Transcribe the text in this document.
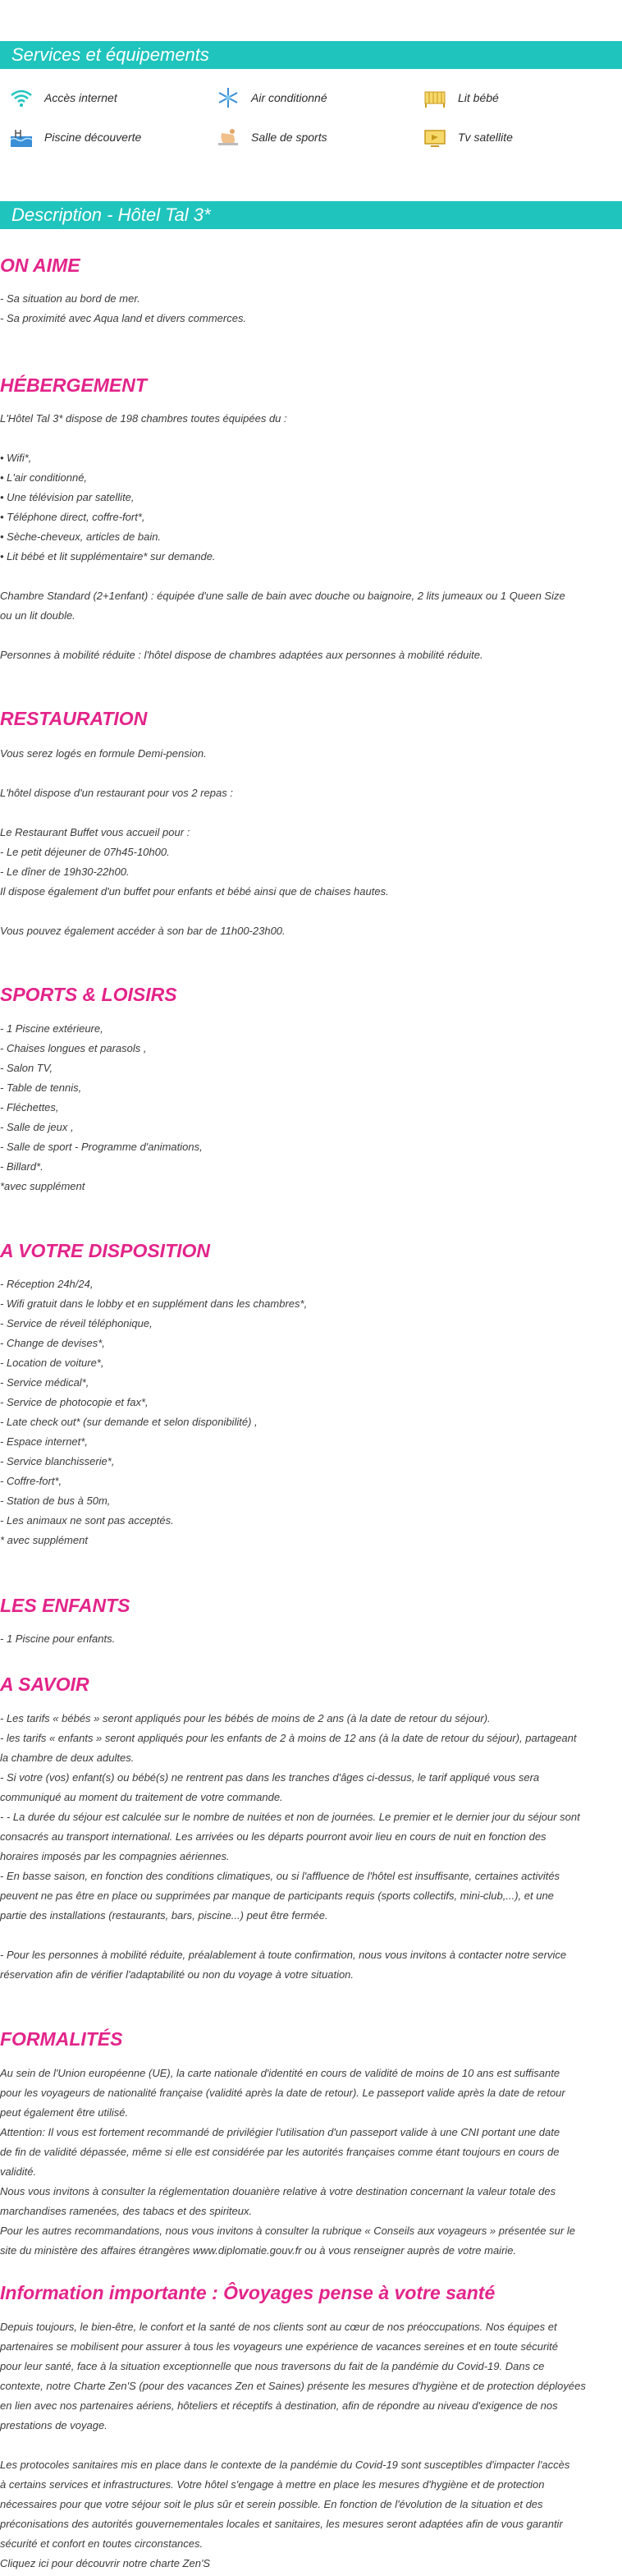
Services et équipements
Accès internet	Air conditionné	Lit bébé
Piscine découverte	Salle de sports	Tv satellite
Description - Hôtel Tal 3*
ON AIME

- Sa situation au bord de mer.

- Sa proximité avec Aqua land et divers commerces.

HÉBERGEMENT

L'Hôtel Tal 3* dispose de 198 chambres toutes équipées du :

• Wifi*,

• L'air conditionné,

• Une télévision par satellite,

• Téléphone direct, coffre-fort*,

• Sèche-cheveux, articles de bain.

• Lit bébé et lit supplémentaire* sur demande.

Chambre Standard (2+1enfant) : équipée d'une salle de bain avec douche ou baignoire, 2 lits jumeaux ou 1 Queen Size

ou un lit double.

Personnes à mobilité réduite : l'hôtel dispose de chambres adaptées aux personnes à mobilité réduite.

RESTAURATION

Vous serez logés en formule Demi-pension.

L'hôtel dispose d'un restaurant pour vos 2 repas :

Le Restaurant Buffet vous accueil pour :

- Le petit déjeuner de 07h45-10h00.

- Le dîner de 19h30-22h00.

Il dispose également d'un buffet pour enfants et bébé ainsi que de chaises hautes.

Vous pouvez également accéder à son bar de 11h00-23h00.

SPORTS & LOISIRS

- 1 Piscine extérieure,

- Chaises longues et parasols ,

- Salon TV,

- Table de tennis,

- Fléchettes,

- Salle de jeux ,

- Salle de sport - Programme d'animations,

- Billard*.

*avec supplément

A VOTRE DISPOSITION

- Réception 24h/24,

- Wifi gratuit dans le lobby et en supplément dans les chambres*,

- Service de réveil téléphonique,

- Change de devises*,

- Location de voiture*,

- Service médical*,

- Service de photocopie et fax*,

- Late check out* (sur demande et selon disponibilité) ,

- Espace internet*,

- Service blanchisserie*,

- Coffre-fort*,

- Station de bus à 50m,

- Les animaux ne sont pas acceptés.

* avec supplément

LES ENFANTS

- 1 Piscine pour enfants.

A SAVOIR

- Les tarifs « bébés » seront appliqués pour les bébés de moins de 2 ans (à la date de retour du séjour).

- les tarifs « enfants » seront appliqués pour les enfants de 2 à moins de 12 ans (à la date de retour du séjour), partageant

la chambre de deux adultes.

- Si votre (vos) enfant(s) ou bébé(s) ne rentrent pas dans les tranches d'âges ci-dessus, le tarif appliqué vous sera

communiqué au moment du traitement de votre commande.

- - La durée du séjour est calculée sur le nombre de nuitées et non de journées. Le premier et le dernier jour du séjour sont

consacrés au transport international. Les arrivées ou les départs pourront avoir lieu en cours de nuit en fonction des

horaires imposés par les compagnies aériennes.

- En basse saison, en fonction des conditions climatiques, ou si l'affluence de l'hôtel est insuffisante, certaines activités

peuvent ne pas être en place ou supprimées par manque de participants requis (sports collectifs, mini-club,...), et une

partie des installations (restaurants, bars, piscine...) peut être fermée.

- Pour les personnes à mobilité réduite, préalablement à toute confirmation, nous vous invitons à contacter notre service

réservation afin de vérifier l'adaptabilité ou non du voyage à votre situation.

FORMALITÉS

Au sein de l'Union européenne (UE), la carte nationale d'identité en cours de validité de moins de 10 ans est suffisante

pour les voyageurs de nationalité française (validité après la date de retour). Le passeport valide après la date de retour

peut également être utilisé.

Attention: Il vous est fortement recommandé de privilégier l'utilisation d'un passeport valide à une CNI portant une date

de fin de validité dépassée, même si elle est considérée par les autorités françaises comme étant toujours en cours de

validité.

Nous vous invitons à consulter la réglementation douanière relative à votre destination concernant la valeur totale des

marchandises ramenées, des tabacs et des spiriteux.

Pour les autres recommandations, nous vous invitons à consulter la rubrique « Conseils aux voyageurs » présentée sur le

site du ministère des affaires étrangères www.diplomatie.gouv.fr ou à vous renseigner auprès de votre mairie.

Information importante : Ôvoyages pense à votre santé

Depuis toujours, le bien-être, le confort et la santé de nos clients sont au cœur de nos préoccupations. Nos équipes et

partenaires se mobilisent pour assurer à tous les voyageurs une expérience de vacances sereines et en toute sécurité

pour leur santé, face à la situation exceptionnelle que nous traversons du fait de la pandémie du Covid-19. Dans ce

contexte, notre Charte Zen'S (pour des vacances Zen et Saines) présente les mesures d'hygiène et de protection déployées

en lien avec nos partenaires aériens, hôteliers et réceptifs à destination, afin de répondre au niveau d'exigence de nos

prestations de voyage.

Les protocoles sanitaires mis en place dans le contexte de la pandémie du Covid-19 sont susceptibles d'impacter l'accès

à certains services et infrastructures. Votre hôtel s'engage à mettre en place les mesures d'hygiène et de protection

nécessaires pour que votre séjour soit le plus sûr et serein possible. En fonction de l'évolution de la situation et des

préconisations des autorités gouvernementales locales et sanitaires, les mesures seront adaptées afin de vous garantir

sécurité et confort en toutes circonstances.

Cliquez ici pour découvrir notre charte Zen'S
